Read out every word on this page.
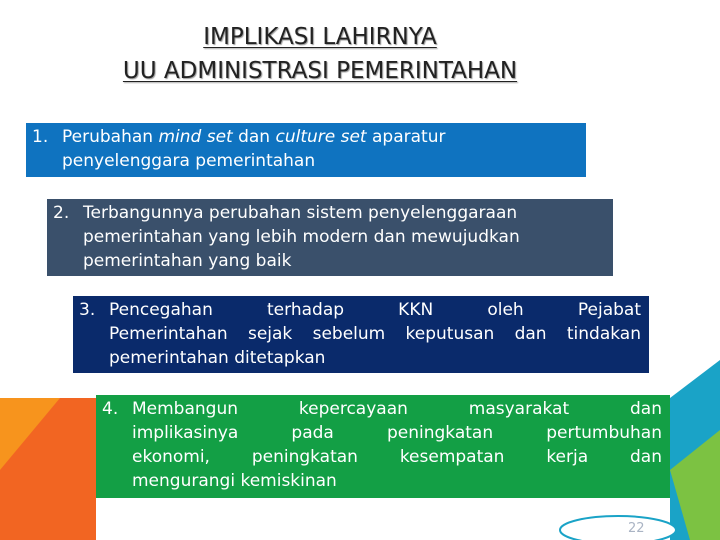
IMPLIKASI LAHIRNYA
UU ADMINISTRASI PEMERINTAHAN
1. Perubahan mind set dan culture set aparatur
penyelenggara pemerintahan
2. Terbangunnya perubahan sistem penyelenggaraan
pemerintahan yang lebih modern dan mewujudkan
pemerintahan yang baik
3. Pencegahan terhadap KKN oleh Pejabat
Pemerintahan sejak sebelum keputusan dan tindakan
pemerintahan ditetapkan
4. Membangun kepercayaan masyarakat dan
implikasinya pada peningkatan pertumbuhan
ekonomi, peningkatan kesempatan kerja dan
mengurangi kemiskinan
22
